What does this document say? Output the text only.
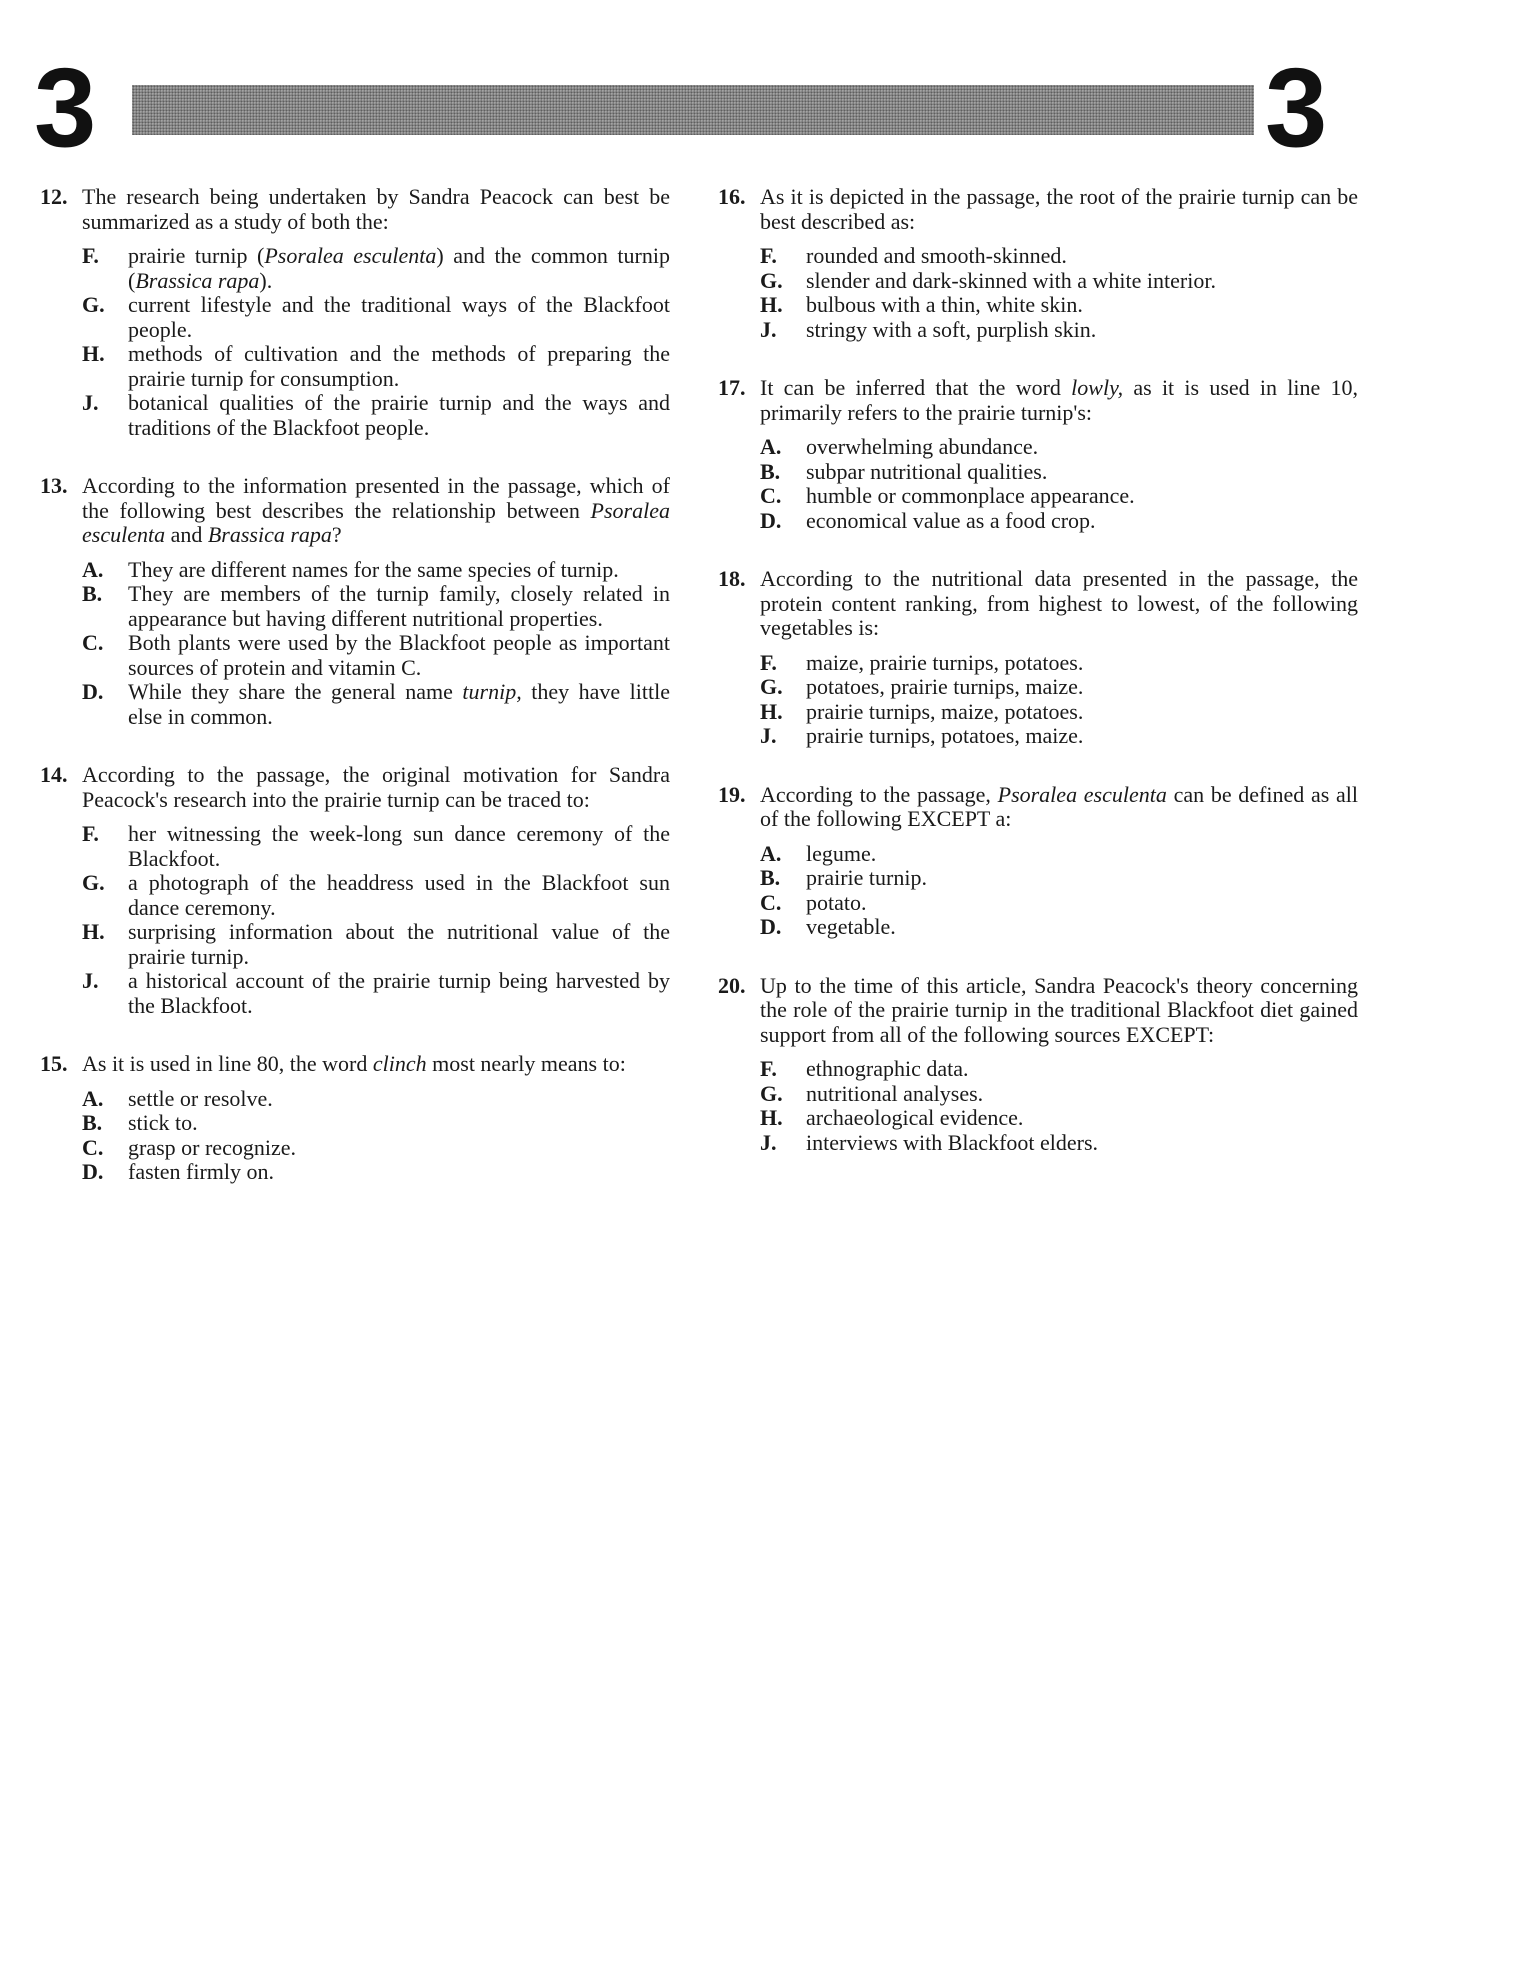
3	3
12. The research being undertaken by Sandra Peacock can best be summarized as a study of both the:
F.	prairie turnip (Psoralea esculenta) and the common turnip (Brassica rapa).
G.	current lifestyle and the traditional ways of the Blackfoot people.
H.	methods of cultivation and the methods of preparing the prairie turnip for consumption.
J.	botanical qualities of the prairie turnip and the ways and traditions of the Blackfoot people.
13. According to the information presented in the passage, which of the following best describes the relationship between Psoralea esculenta and Brassica rapa?
A.	They are different names for the same species of turnip.
B.	They are members of the turnip family, closely related in appearance but having different nutritional properties.
C.	Both plants were used by the Blackfoot people as important sources of protein and vitamin C.
D.	While they share the general name turnip, they have little else in common.
14. According to the passage, the original motivation for Sandra Peacock's research into the prairie turnip can be traced to:
F.	her witnessing the week-long sun dance ceremony of the Blackfoot.
G.	a photograph of the headdress used in the Blackfoot sun dance ceremony.
H.	surprising information about the nutritional value of the prairie turnip.
J.	a historical account of the prairie turnip being harvested by the Blackfoot.
15. As it is used in line 80, the word clinch most nearly means to:
A.	settle or resolve.
B.	stick to.
C.	grasp or recognize.
D.	fasten firmly on.
16. As it is depicted in the passage, the root of the prairie turnip can be best described as:
F.	rounded and smooth-skinned.
G.	slender and dark-skinned with a white interior.
H.	bulbous with a thin, white skin.
J.	stringy with a soft, purplish skin.
17. It can be inferred that the word lowly, as it is used in line 10, primarily refers to the prairie turnip's:
A.	overwhelming abundance.
B.	subpar nutritional qualities.
C.	humble or commonplace appearance.
D.	economical value as a food crop.
18. According to the nutritional data presented in the passage, the protein content ranking, from highest to lowest, of the following vegetables is:
F.	maize, prairie turnips, potatoes.
G.	potatoes, prairie turnips, maize.
H.	prairie turnips, maize, potatoes.
J.	prairie turnips, potatoes, maize.
19. According to the passage, Psoralea esculenta can be defined as all of the following EXCEPT a:
A.	legume.
B.	prairie turnip.
C.	potato.
D.	vegetable.
20. Up to the time of this article, Sandra Peacock's theory concerning the role of the prairie turnip in the traditional Blackfoot diet gained support from all of the following sources EXCEPT:
F.	ethnographic data.
G.	nutritional analyses.
H.	archaeological evidence.
J.	interviews with Blackfoot elders.
